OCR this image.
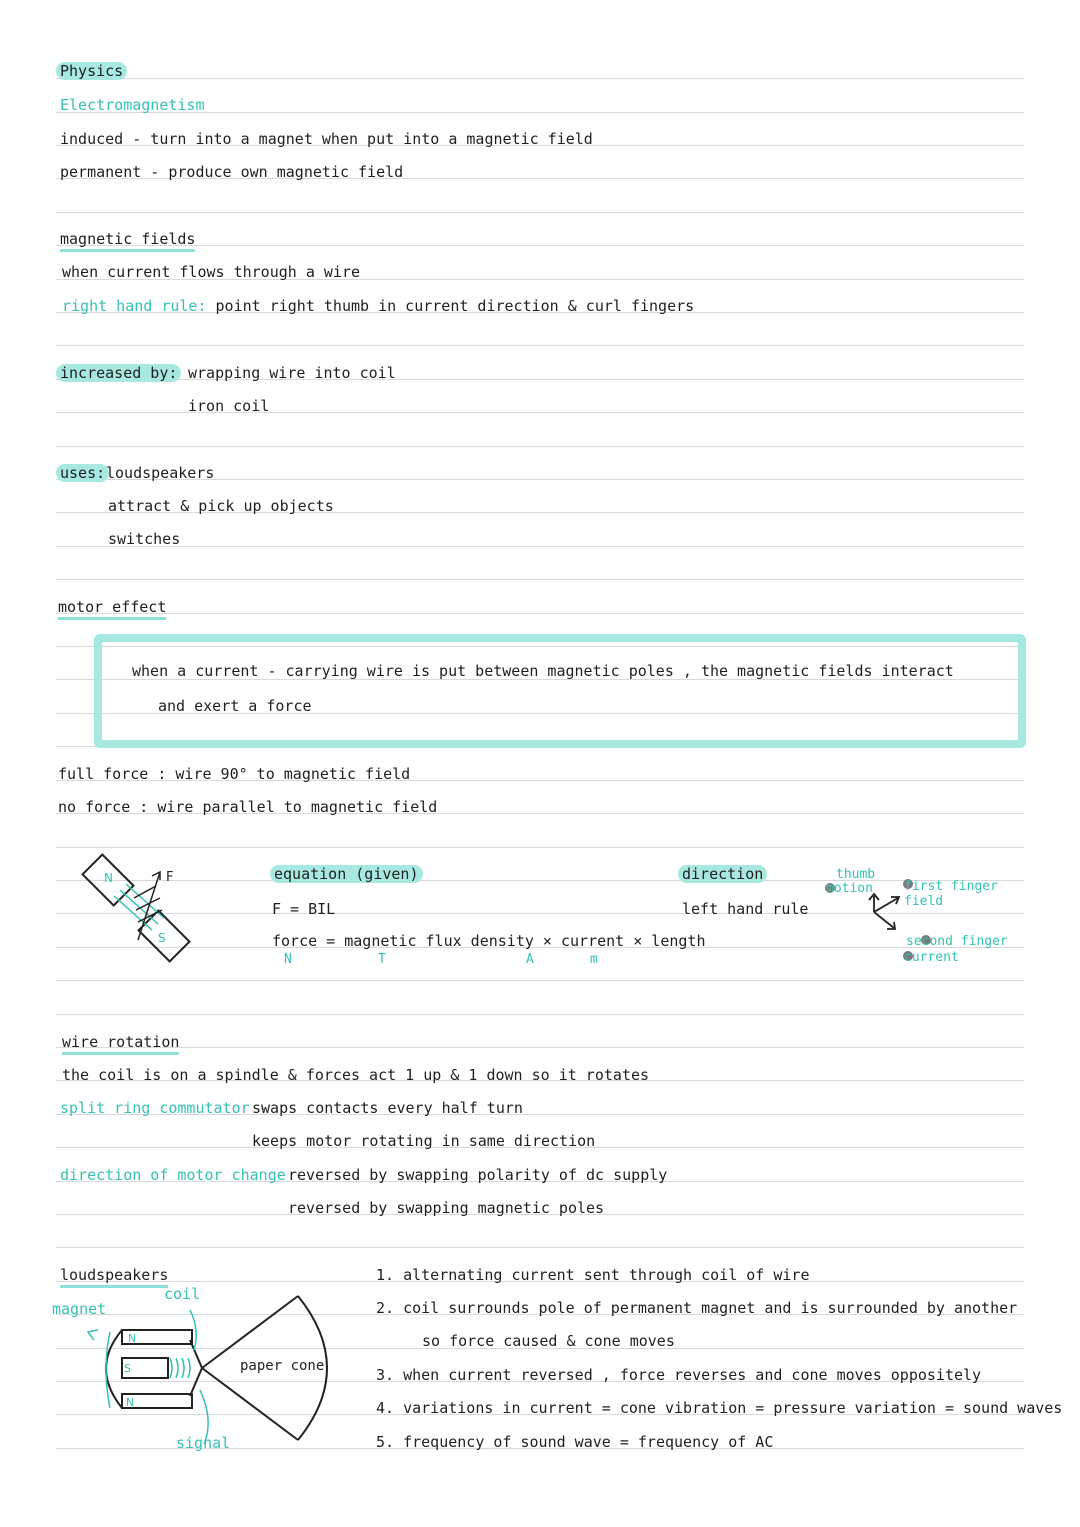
Physics
Electromagnetism
induced - turn into a magnet when put into a magnetic field
permanent - produce own magnetic field
magnetic fields
when current flows through a wire
right hand rule: point right thumb in current direction & curl fingers
increased by: wrapping wire into coil
iron coil
uses: loudspeakers
attract & pick up objects
switches
motor effect
when a current - carrying wire is put between magnetic poles , the magnetic fields interact
and exert a force
full force : wire 90° to magnetic field
no force : wire parallel to magnetic field
N
S
F	equation (given)
F = BIL
force = magnetic flux density × current × length
N	T	A	m
direction
left hand rule
thumb
motion first finger
field
second finger
current
wire rotation
the coil is on a spindle & forces act 1 up & 1 down so it rotates
split ring commutator -
swaps contacts every half turn
keeps motor rotating in same direction
direction of motor change -
reversed by swapping polarity of dc supply
reversed by swapping magnetic poles
loudspeakers
N
S
N
paper cone
coil
magnet
signal
1. alternating current sent through coil of wire
2. coil surrounds pole of permanent magnet and is surrounded by another
so force caused & cone moves
3. when current reversed , force reverses and cone moves oppositely
4. variations in current = cone vibration = pressure variation = sound waves
5. frequency of sound wave = frequency of AC
